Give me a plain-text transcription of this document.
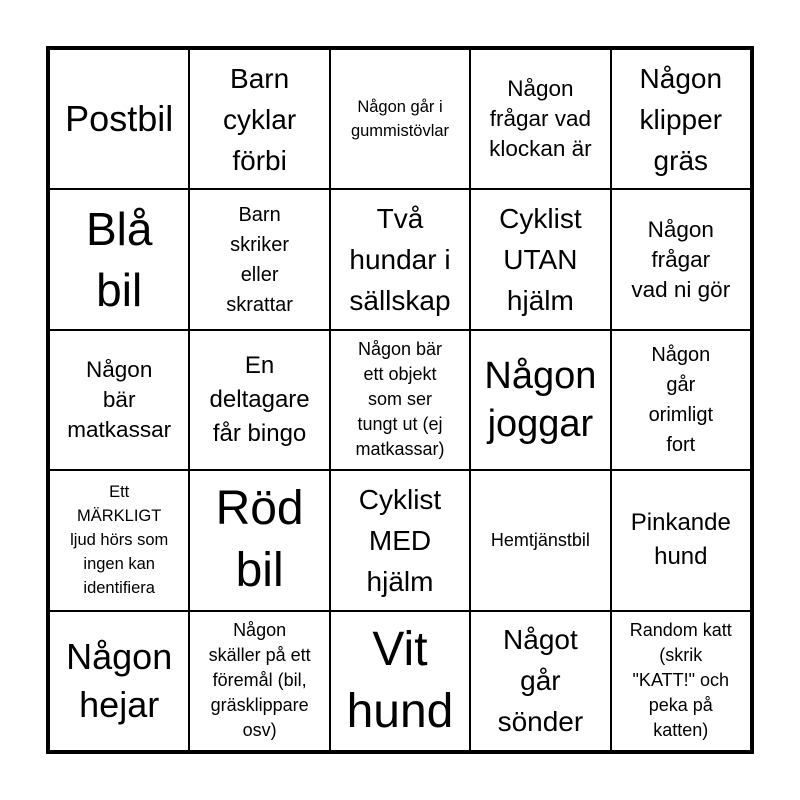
Postbil
Barn
cyklar
förbi
Någon går i
gummistövlar
Någon
frågar vad
klockan är
Någon
klipper
gräs
Blå
bil
Barn
skriker
eller
skrattar
Två
hundar i
sällskap
Cyklist
UTAN
hjälm
Någon
frågar
vad ni gör
Någon
bär
matkassar
En
deltagare
får bingo
Någon bär
ett objekt
som ser
tungt ut (ej
matkassar)
Någon
joggar
Någon
går
orimligt
fort
Ett
MÄRKLIGT
ljud hörs som
ingen kan
identifiera
Röd
bil
Cyklist
MED
hjälm
Hemtjänstbil
Pinkande
hund
Någon
hejar
Någon
skäller på ett
föremål (bil,
gräsklippare
osv)
Vit
hund
Något
går
sönder
Random katt
(skrik
"KATT!" och
peka på
katten)
